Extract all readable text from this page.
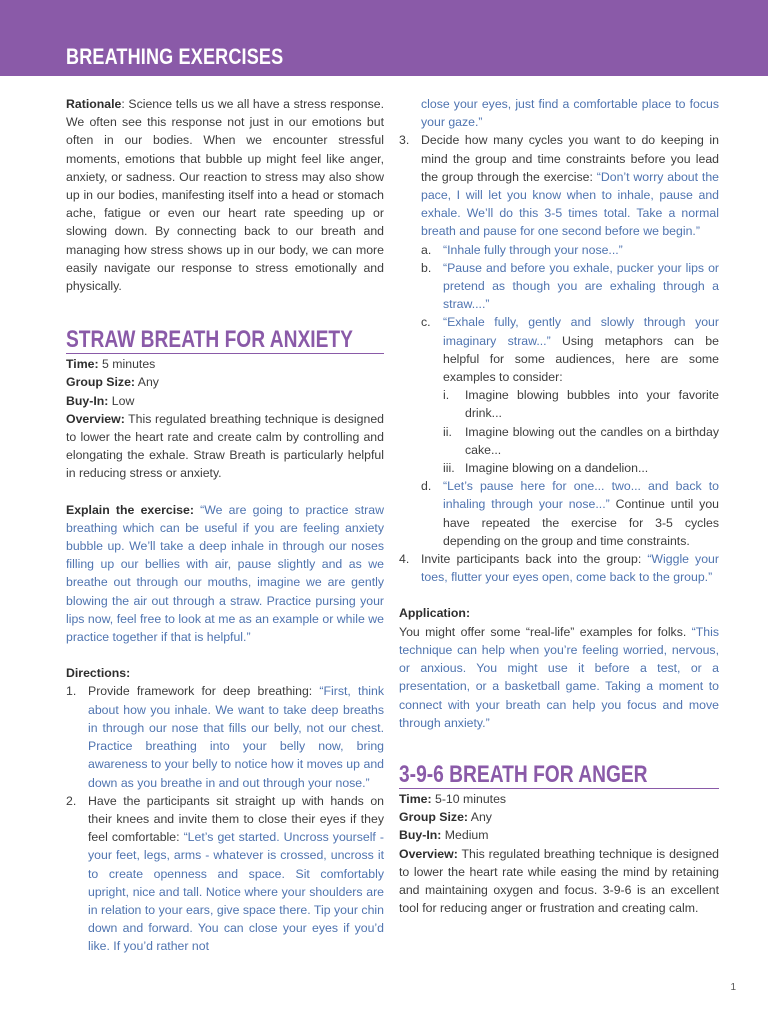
BREATHING EXERCISES

Rationale: Science tells us we all have a stress response. We often see this response not just in our emotions but often in our bodies. When we encounter stressful moments, emotions that bubble up might feel like anger, anxiety, or sadness. Our reaction to stress may also show up in our bodies, manifesting itself into a head or stomach ache, fatigue or even our heart rate speeding up or slowing down. By connecting back to our breath and managing how stress shows up in our body, we can more easily navigate our response to stress emotionally and physically.

STRAW BREATH FOR ANXIETY
Time: 5 minutes
Group Size: Any
Buy-In: Low

Overview: This regulated breathing technique is designed to lower the heart rate and create calm by controlling and elongating the exhale. Straw Breath is particularly helpful in reducing stress or anxiety.

Explain the exercise: “We are going to practice straw breathing which can be useful if you are feeling anxiety bubble up. We’ll take a deep inhale in through our noses filling up our bellies with air, pause slightly and as we breathe out through our mouths, imagine we are gently blowing the air out through a straw. Practice pursing your lips now, feel free to look at me as an example or while we practice together if that is helpful.”

Directions:
1. Provide framework for deep breathing: “First, think about how you inhale. We want to take deep breaths in through our nose that fills our belly, not our chest. Practice breathing into your belly now, bring awareness to your belly to notice how it moves up and down as you breathe in and out through your nose.”
2. Have the participants sit straight up with hands on their knees and invite them to close their eyes if they feel comfortable: “Let’s get started. Uncross yourself - your feet, legs, arms - whatever is crossed, uncross it to create openness and space. Sit comfortably upright, nice and tall. Notice where your shoulders are in relation to your ears, give space there. Tip your chin down and forward. You can close your eyes if you’d like. If you’d rather not
close your eyes, just find a comfortable place to focus your gaze.”
3. Decide how many cycles you want to do keeping in mind the group and time constraints before you lead the group through the exercise: “Don’t worry about the pace, I will let you know when to inhale, pause and exhale. We’ll do this 3-5 times total. Take a normal breath and pause for one second before we begin.”
a. “Inhale fully through your nose...”
b. “Pause and before you exhale, pucker your lips or pretend as though you are exhaling through a straw....”
c. “Exhale fully, gently and slowly through your imaginary straw...” Using metaphors can be helpful for some audiences, here are some examples to consider:
i. Imagine blowing bubbles into your favorite drink...
ii. Imagine blowing out the candles on a birthday cake...
iii. Imagine blowing on a dandelion...
d. “Let’s pause here for one... two... and back to inhaling through your nose...” Continue until you have repeated the exercise for 3-5 cycles depending on the group and time constraints.
4. Invite participants back into the group: “Wiggle your toes, flutter your eyes open, come back to the group.”
Application:

You might offer some “real-life” examples for folks. “This technique can help when you’re feeling worried, nervous, or anxious. You might use it before a test, or a presentation, or a basketball game. Taking a moment to connect with your breath can help you focus and move through anxiety.”

3-9-6 BREATH FOR ANGER
Time: 5-10 minutes
Group Size: Any
Buy-In: Medium

Overview: This regulated breathing technique is designed to lower the heart rate while easing the mind by retaining and maintaining oxygen and focus. 3-9-6 is an excellent tool for reducing anger or frustration and creating calm.

1
